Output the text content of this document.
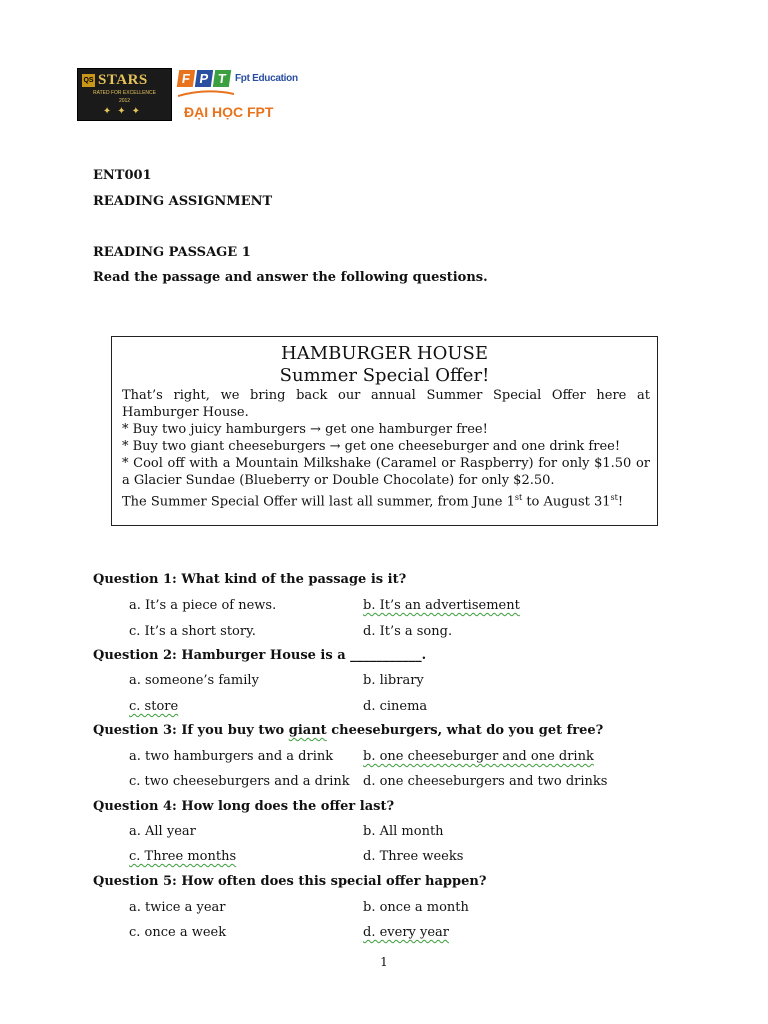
QS STARS
RATED FOR EXCELLENCE
2012
✦✦✦
F P T Fpt Education
ĐẠI HỌC FPT
ENT001
READING ASSIGNMENT
READING PASSAGE 1
Read the passage and answer the following questions.
HAMBURGER HOUSE
Summer Special Offer!

That’s right, we bring back our annual Summer Special Offer here at Hamburger House.

* Buy two juicy hamburgers → get one hamburger free!

* Buy two giant cheeseburgers → get one cheeseburger and one drink free!

* Cool off with a Mountain Milkshake (Caramel or Raspberry) for only $1.50 or a Glacier Sundae (Blueberry or Double Chocolate) for only $2.50.

The Summer Special Offer will last all summer, from June 1st to August 31st!

Question 1: What kind of the passage is it?
a. It’s a piece of news.	b. It’s an advertisement
c. It’s a short story.	d. It’s a song.
Question 2: Hamburger House is a ___________.
a. someone’s family	b. library
c. store	d. cinema
Question 3: If you buy two giant cheeseburgers, what do you get free?
a. two hamburgers and a drink b. one cheeseburger and one drink
c. two cheeseburgers and a drink d. one cheeseburgers and two drinks
Question 4: How long does the offer last?
a. All year	b. All month
c. Three months	d. Three weeks
Question 5: How often does this special offer happen?
a. twice a year	b. once a month
c. once a week	d. every year
1
